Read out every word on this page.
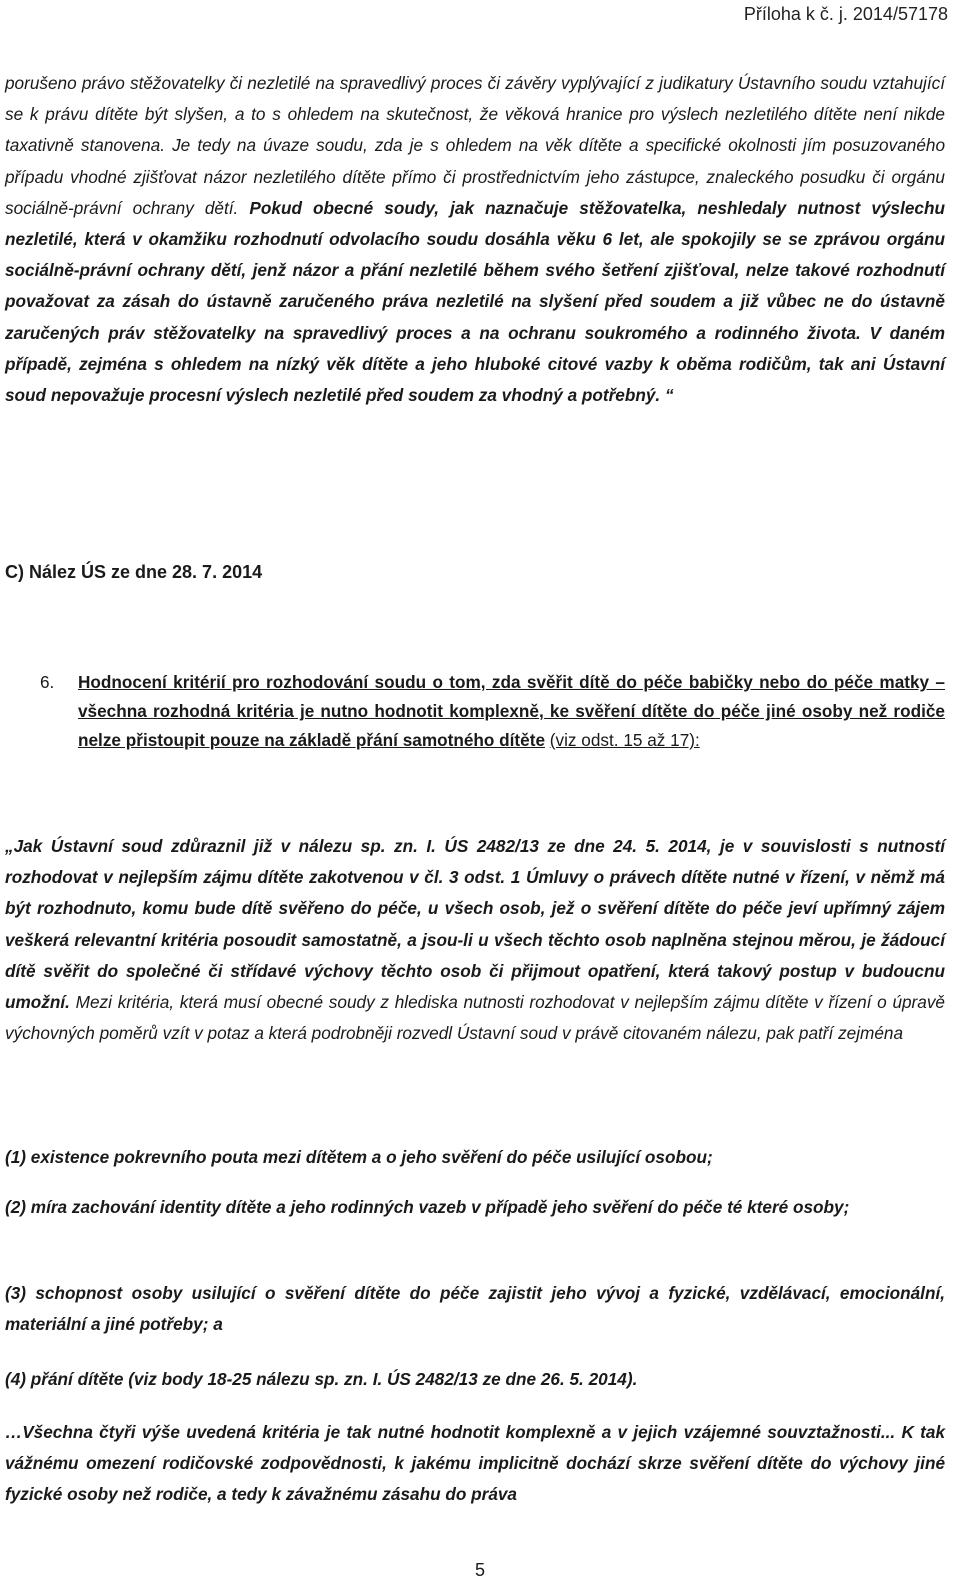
Příloha k č. j. 2014/57178

porušeno právo stěžovatelky či nezletilé na spravedlivý proces či závěry vyplývající z judikatury Ústavního soudu vztahující se k právu dítěte být slyšen, a to s ohledem na skutečnost, že věková hranice pro výslech nezletilého dítěte není nikde taxativně stanovena. Je tedy na úvaze soudu, zda je s ohledem na věk dítěte a specifické okolnosti jím posuzovaného případu vhodné zjišťovat názor nezletilého dítěte přímo či prostřednictvím jeho zástupce, znaleckého posudku či orgánu sociálně-právní ochrany dětí. Pokud obecné soudy, jak naznačuje stěžovatelka, neshledaly nutnost výslechu nezletilé, která v okamžiku rozhodnutí odvolacího soudu dosáhla věku 6 let, ale spokojily se se zprávou orgánu sociálně-právní ochrany dětí, jenž názor a přání nezletilé během svého šetření zjišťoval, nelze takové rozhodnutí považovat za zásah do ústavně zaručeného práva nezletilé na slyšení před soudem a již vůbec ne do ústavně zaručených práv stěžovatelky na spravedlivý proces a na ochranu soukromého a rodinného života. V daném případě, zejména s ohledem na nízký věk dítěte a jeho hluboké citové vazby k oběma rodičům, tak ani Ústavní soud nepovažuje procesní výslech nezletilé před soudem za vhodný a potřebný. “

C) Nález ÚS ze dne 28. 7. 2014
6. Hodnocení kritérií pro rozhodování soudu o tom, zda svěřit dítě do péče babičky nebo do péče matky – všechna rozhodná kritéria je nutno hodnotit komplexně, ke svěření dítěte do péče jiné osoby než rodiče nelze přistoupit pouze na základě přání samotného dítěte (viz odst. 15 až 17):

„Jak Ústavní soud zdůraznil již v nálezu sp. zn. I. ÚS 2482/13 ze dne 24. 5. 2014, je v souvislosti s nutností rozhodovat v nejlepším zájmu dítěte zakotvenou v čl. 3 odst. 1 Úmluvy o právech dítěte nutné v řízení, v němž má být rozhodnuto, komu bude dítě svěřeno do péče, u všech osob, jež o svěření dítěte do péče jeví upřímný zájem veškerá relevantní kritéria posoudit samostatně, a jsou-li u všech těchto osob naplněna stejnou měrou, je žádoucí dítě svěřit do společné či střídavé výchovy těchto osob či přijmout opatření, která takový postup v budoucnu umožní. Mezi kritéria, která musí obecné soudy z hlediska nutnosti rozhodovat v nejlepším zájmu dítěte v řízení o úpravě výchovných poměrů vzít v potaz a která podrobněji rozvedl Ústavní soud v právě citovaném nálezu, pak patří zejména

(1) existence pokrevního pouta mezi dítětem a o jeho svěření do péče usilující osobou;

(2) míra zachování identity dítěte a jeho rodinných vazeb v případě jeho svěření do péče té které osoby;

(3) schopnost osoby usilující o svěření dítěte do péče zajistit jeho vývoj a fyzické, vzdělávací, emocionální, materiální a jiné potřeby; a

(4) přání dítěte (viz body 18-25 nálezu sp. zn. I. ÚS 2482/13 ze dne 26. 5. 2014).

…Všechna čtyři výše uvedená kritéria je tak nutné hodnotit komplexně a v jejich vzájemné souvztažnosti... K tak vážnému omezení rodičovské zodpovědnosti, k jakému implicitně dochází skrze svěření dítěte do výchovy jiné fyzické osoby než rodiče, a tedy k závažnému zásahu do práva

5
